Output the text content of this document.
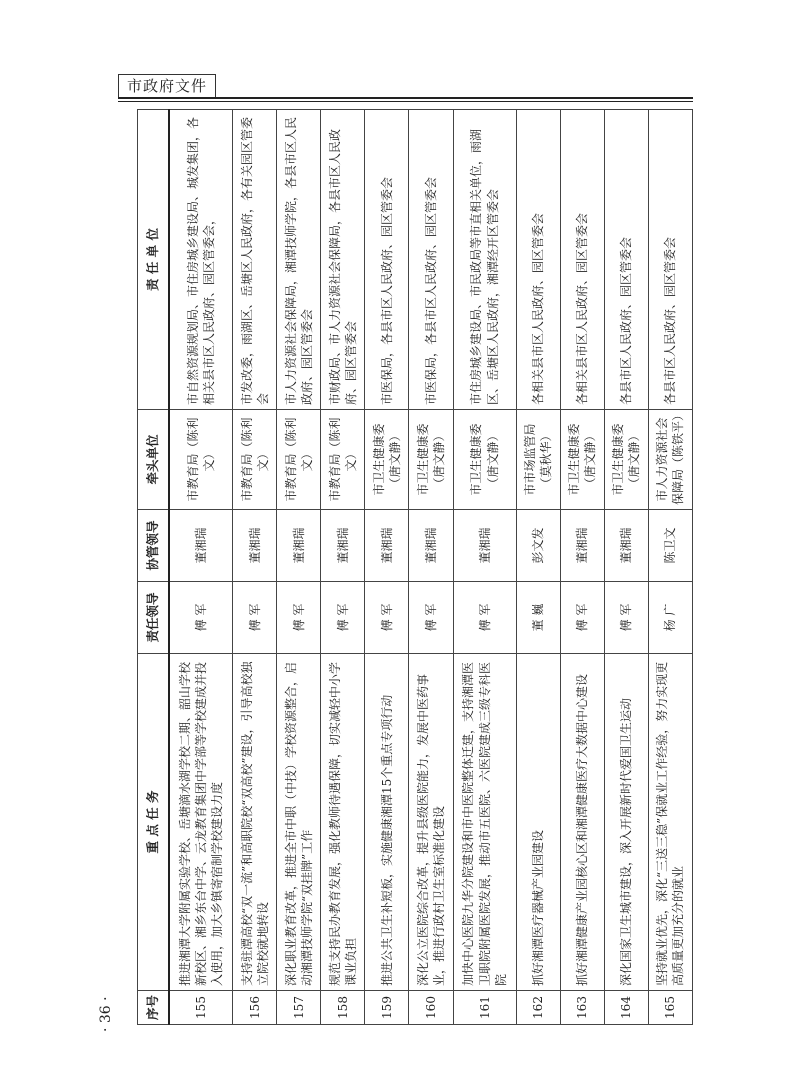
市政府文件
序号	重 点 任 务	责任领导	协管领导	牵头单位	责 任 单 位
155	推进湘潭大学附属实验学校、岳塘滴水湖学校二期、韶山学校新校区、湘乡东台中学、云龙教育集团中学部等学校建成并投入使用，加大乡镇寄宿制学校建设力度	傅 军	董湘瑞	市教育局（陈利文）	市自然资源规划局、市住房城乡建设局、城发集团，各相关县市区人民政府、园区管委会，
156	支持驻潭高校“双一流”和高职院校“双高校”建设，引导高校独立院校就地转设	傅 军	董湘瑞	市教育局（陈利文）	市发改委，雨湖区、岳塘区人民政府，各有关园区管委会
157	深化职业教育改革，推进全市中职（中技）学校资源整合，启动湘潭技师学院“双挂牌”工作	傅 军	董湘瑞	市教育局（陈利文）	市人力资源社会保障局，湘潭技师学院，各县市区人民政府、园区管委会
158	规范支持民办教育发展，强化教师待遇保障，切实减轻中小学课业负担	傅 军	董湘瑞	市教育局（陈利文）	市财政局、市人力资源社会保障局，各县市区人民政府、园区管委会
159	推进公共卫生补短板，实施健康湘潭15个重点专项行动	傅 军	董湘瑞	市卫生健康委（唐文静）	市医保局，各县市区人民政府、园区管委会
160	深化公立医院综合改革，提升县级医院能力，发展中医药事业，推进行政村卫生室标准化建设	傅 军	董湘瑞	市卫生健康委（唐文静）	市医保局，各县市区人民政府、园区管委会
161	加快中心医院九华分院建设和市中医院整体迁建，支持湘潭医卫职院附属医院发展，推动市五医院、六医院建成三级专科医院	傅 军	董湘瑞	市卫生健康委（唐文静）	市住房城乡建设局、市民政局等市直相关单位，雨湖区、岳塘区人民政府，湘潭经开区管委会
162	抓好湘潭医疗器械产业园建设	董 巍	彭文发	市市场监管局（莫秋华）	各相关县市区人民政府、园区管委会
163	抓好湘潭健康产业园核心区和湘潭健康医疗大数据中心建设	傅 军	董湘瑞	市卫生健康委（唐文静）	各相关县市区人民政府、园区管委会
164	深化国家卫生城市建设，深入开展新时代爱国卫生运动	傅 军	董湘瑞	市卫生健康委（唐文静）	各县市区人民政府、园区管委会
165	坚持就业优先，深化“三送三稳”保就业工作经验，努力实现更高质量更加充分的就业	杨 广	陈卫文	市人力资源社会保障局（陈铁平）	各县市区人民政府、园区管委会
· 36 ·
